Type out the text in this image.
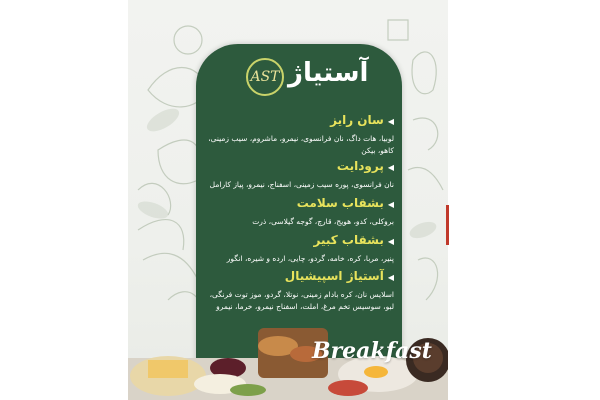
AST آستیاژ
◀سان رایز
لوبیا، هات داگ، نان فرانسوی، نیمرو، ماشروم، سیب زمینی، کاهو، بیکن
◀پرودایت
نان فرانسوی، پوره سیب زمینی، اسفناج، نیمرو، پیاز کارامل
◀بشقاب سلامت
بروکلی، کدو، هویج، قارچ، گوجه گیلاسی، ذرت
◀بشقاب کبیر
پنیر، مربا، کره، خامه، گردو، چایی، ارده و شیره، انگور
◀آستیاژ اسپیشیال
اسلایس نان، کره بادام زمینی، نوتلا، گردو، موز توت فرنگی، لبو، سوسیس تخم مرغ، املت، اسفناج نیمرو، خرما، نیمرو
Breakfast
